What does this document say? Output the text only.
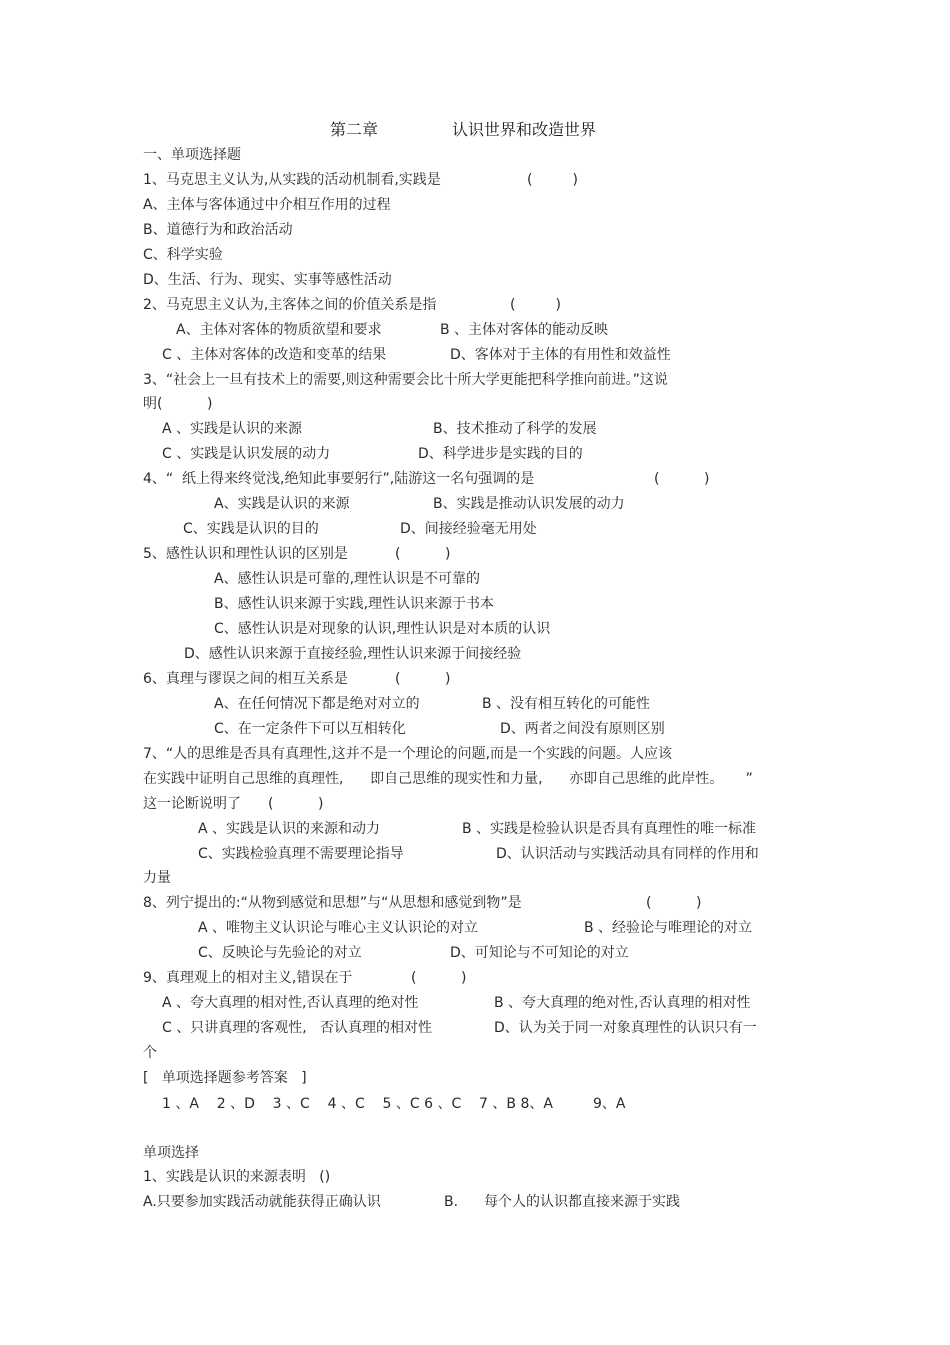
第二章	认识世界和改造世界
一、单项选择题
1、马克思主义认为,从实践的活动机制看,实践是	(         )
A、主体与客体通过中介相互作用的过程
B、道德行为和政治活动
C、科学实验
D、生活、行为、现实、实事等感性活动
2、马克思主义认为,主客体之间的价值关系是指	(         )
A、主体对客体的物质欲望和要求	B 、主体对客体的能动反映
C 、主体对客体的改造和变革的结果	D、客体对于主体的有用性和效益性
3、“社会上一旦有技术上的需要,则这种需要会比十所大学更能把科学推向前进。”这说
明(          )
A 、实践是认识的来源	B、技术推动了科学的发展
C 、实践是认识发展的动力	D、科学进步是实践的目的
4、“  纸上得来终觉浅,绝知此事要躬行”,陆游这一名句强调的是	(          )
A、实践是认识的来源	B、实践是推动认识发展的动力
C、实践是认识的目的	D、间接经验毫无用处
5、感性认识和理性认识的区别是	(          )
A、感性认识是可靠的,理性认识是不可靠的
B、感性认识来源于实践,理性认识来源于书本
C、感性认识是对现象的认识,理性认识是对本质的认识
D、感性认识来源于直接经验,理性认识来源于间接经验
6、真理与谬误之间的相互关系是	(          )
A、在任何情况下都是绝对对立的	B 、没有相互转化的可能性
C、在一定条件下可以互相转化	D、两者之间没有原则区别
7、“人的思维是否具有真理性,这并不是一个理论的问题,而是一个实践的问题。人应该
在实践中证明自己思维的真理性,      即自己思维的现实性和力量,      亦即自己思维的此岸性。     ”
这一论断说明了 (          )
A 、实践是认识的来源和动力	B 、实践是检验认识是否具有真理性的唯一标准
C、实践检验真理不需要理论指导	D、认识活动与实践活动具有同样的作用和
力量
8、列宁提出的:“从物到感觉和思想”与“从思想和感觉到物”是	(          )
A 、唯物主义认识论与唯心主义认识论的对立	B 、经验论与唯理论的对立
C、反映论与先验论的对立	D、可知论与不可知论的对立
9、真理观上的相对主义,错误在于	(          )
A 、夸大真理的相对性,否认真理的绝对性	B 、夸大真理的绝对性,否认真理的相对性
C 、只讲真理的客观性,   否认真理的相对性	D、认为关于同一对象真理性的认识只有一
个
[   单项选择题参考答案   ]
1 、A    2 、D    3 、C    4 、C    5 、C 6 、C    7 、B 8、A         9、A
单项选择
1、实践是认识的来源表明   ()
A.只要参加实践活动就能获得正确认识	B. 每个人的认识都直接来源于实践
